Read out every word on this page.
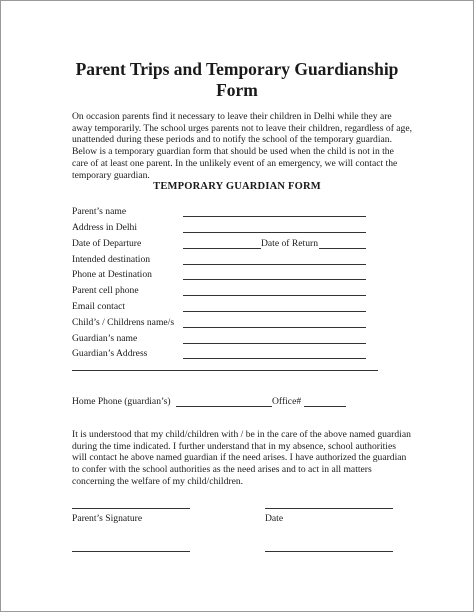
Parent Trips and Temporary Guardianship
Form
On occasion parents find it necessary to leave their children in Delhi while they are away temporarily. The school urges parents not to leave their children, regardless of age, unattended during these periods and to notify the school of the temporary guardian. Below is a temporary guardian form that should be used when the child is not in the care of at least one parent. In the unlikely event of an emergency, we will contact the temporary guardian.
TEMPORARY GUARDIAN FORM
Parent’s name
Address in Delhi
Date of Departure	Date of Return
Intended destination
Phone at Destination
Parent cell phone
Email contact
Child’s / Childrens name/s
Guardian’s name
Guardian’s Address
Home Phone (guardian’s)	Office#
It is understood that my child/children with / be in the care of the above named guardian during the time indicated. I further understand that in my absence, school authorities will contact he above named guardian if the need arises. I have authorized the guardian to confer with the school authorities as the need arises and to act in all matters concerning the welfare of my child/children.
Parent’s Signature	Date
